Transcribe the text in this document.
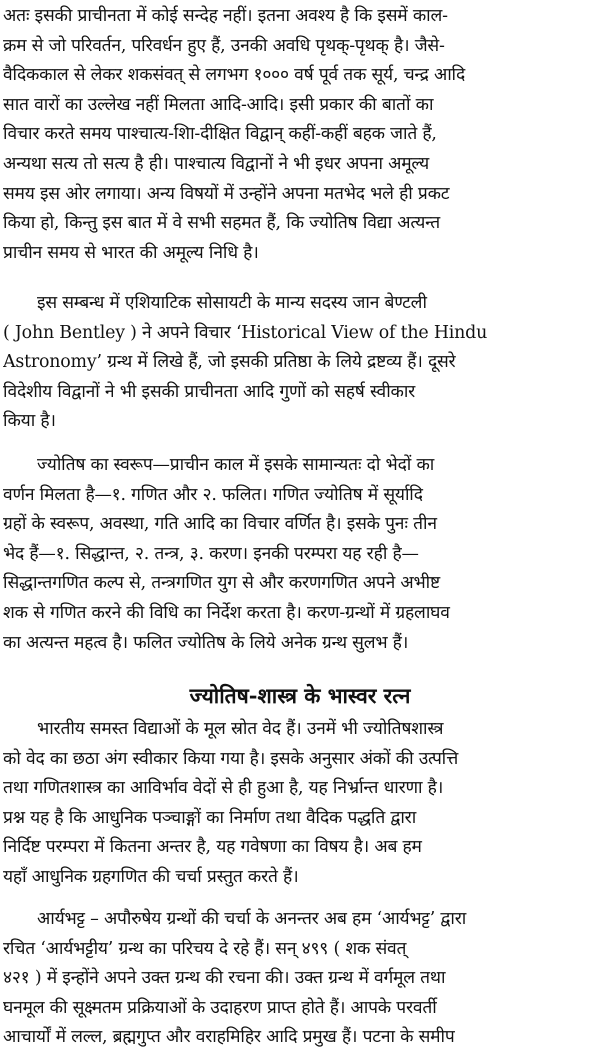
अतः इसकी प्राचीनता में कोई सन्देह नहीं। इतना अवश्य है कि इसमें काल-
क्रम से जो परिवर्तन, परिवर्धन हुए हैं, उनकी अवधि पृथक्-पृथक् है। जैसे-
वैदिककाल से लेकर शकसंवत् से लगभग १००० वर्ष पूर्व तक सूर्य, चन्द्र आदि
सात वारों का उल्लेख नहीं मिलता आदि-आदि। इसी प्रकार की बातों का
विचार करते समय पाश्चात्य-शिा-दीक्षित विद्वान् कहीं-कहीं बहक जाते हैं,
अन्यथा सत्य तो सत्य है ही। पाश्चात्य विद्वानों ने भी इधर अपना अमूल्य
समय इस ओर लगाया। अन्य विषयों में उन्होंने अपना मतभेद भले ही प्रकट
किया हो, किन्तु इस बात में वे सभी सहमत हैं, कि ज्योतिष विद्या अत्यन्त
प्राचीन समय से भारत की अमूल्य निधि है।
इस सम्बन्ध में एशियाटिक सोसायटी के मान्य सदस्य जान बेण्टली
( John Bentley ) ने अपने विचार ‘Historical View of the Hindu
Astronomy’ ग्रन्थ में लिखे हैं, जो इसकी प्रतिष्ठा के लिये द्रष्टव्य हैं। दूसरे
विदेशीय विद्वानों ने भी इसकी प्राचीनता आदि गुणों को सहर्ष स्वीकार
किया है।
ज्योतिष का स्वरूप—प्राचीन काल में इसके सामान्यतः दो भेदों का
वर्णन मिलता है—१. गणित और २. फलित। गणित ज्योतिष में सूर्यादि
ग्रहों के स्वरूप, अवस्था, गति आदि का विचार वर्णित है। इसके पुनः तीन
भेद हैं—१. सिद्धान्त, २. तन्त्र, ३. करण। इनकी परम्परा यह रही है—
सिद्धान्तगणित कल्प से, तन्त्रगणित युग से और करणगणित अपने अभीष्ट
शक से गणित करने की विधि का निर्देश करता है। करण-ग्रन्थों में ग्रहलाघव
का अत्यन्त महत्व है। फलित ज्योतिष के लिये अनेक ग्रन्थ सुलभ हैं।
ज्योतिष-शास्त्र के भास्वर रत्न
भारतीय समस्त विद्याओं के मूल स्रोत वेद हैं। उनमें भी ज्योतिषशास्त्र
को वेद का छठा अंग स्वीकार किया गया है। इसके अनुसार अंकों की उत्पत्ति
तथा गणितशास्त्र का आविर्भाव वेदों से ही हुआ है, यह निर्भ्रान्त धारणा है।
प्रश्न यह है कि आधुनिक पञ्चाङ्गों का निर्माण तथा वैदिक पद्धति द्वारा
निर्दिष्ट परम्परा में कितना अन्तर है, यह गवेषणा का विषय है। अब हम
यहाँ आधुनिक ग्रहगणित की चर्चा प्रस्तुत करते हैं।
आर्यभट्ट – अपौरुषेय ग्रन्थों की चर्चा के अनन्तर अब हम ‘आर्यभट्ट’ द्वारा
रचित ‘आर्यभट्टीय’ ग्रन्थ का परिचय दे रहे हैं। सन् ४९९ ( शक संवत्
४२१ ) में इन्होंने अपने उक्त ग्रन्थ की रचना की। उक्त ग्रन्थ में वर्गमूल तथा
घनमूल की सूक्ष्मतम प्रक्रियाओं के उदाहरण प्राप्त होते हैं। आपके परवर्ती
आचार्यों में लल्ल, ब्रह्मगुप्त और वराहमिहिर आदि प्रमुख हैं। पटना के समीप
